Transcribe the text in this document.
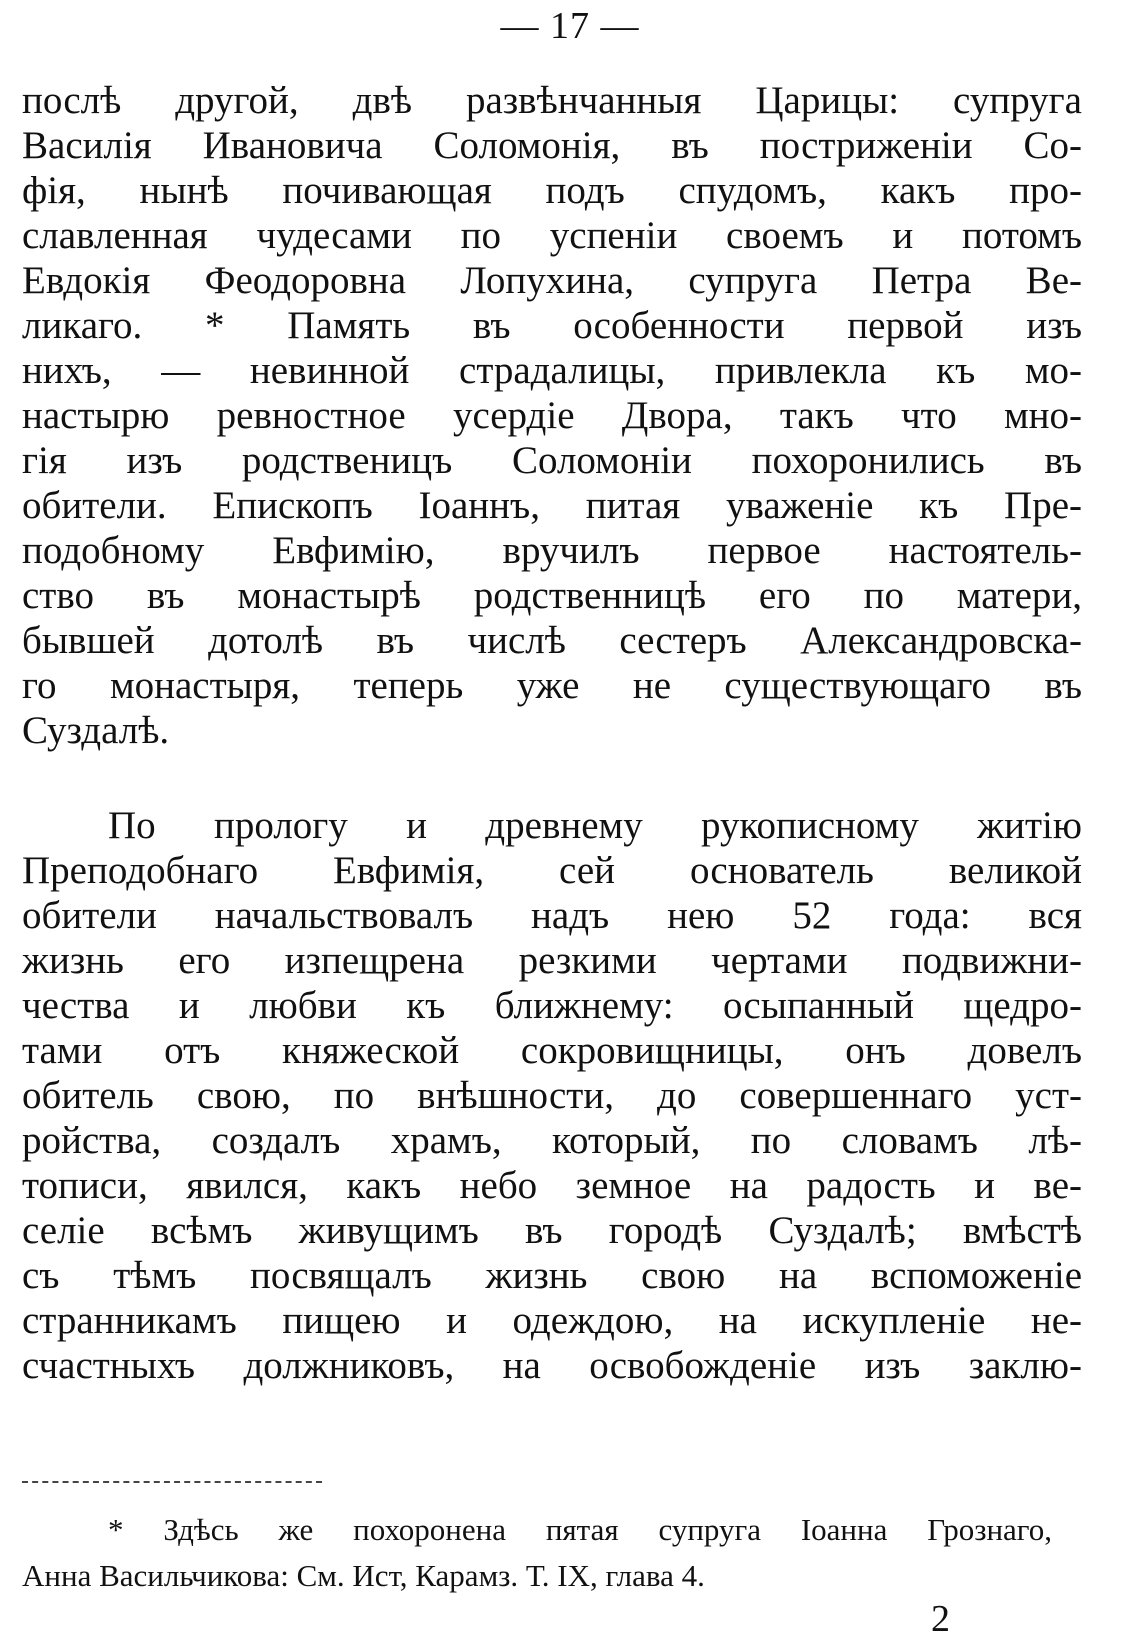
— 17 —
послѣ другой, двѣ развѣнчанныя Царицы: супруга
Василія Ивановича Соломонія, въ постриженіи Со-
фія, нынѣ почивающая подъ спудомъ, какъ про-
славленная чудесами по успеніи своемъ и потомъ
Евдокія Феодоровна Лопухина, супруга Петра Ве-
ликаго. * Память въ особенности первой изъ
нихъ, — невинной страдалицы, привлекла къ мо-
настырю ревностное усердіе Двора, такъ что мно-
гія изъ родственицъ Соломоніи похоронились въ
обители. Епископъ Іоаннъ, питая уваженіе къ Пре-
подобному Евфимію, вручилъ первое настоятель-
ство въ монастырѣ родственницѣ его по матери,
бывшей дотолѣ въ числѣ сестеръ Александровска-
го монастыря, теперь уже не существующаго въ
Суздалѣ.
По прологу и древнему рукописному житію
Преподобнаго Евфимія, сей основатель великой
обители начальствовалъ надъ нею 52 года: вся
жизнь его изпещрена резкими чертами подвижни-
чества и любви къ ближнему: осыпанный щедро-
тами отъ княжеской сокровищницы, онъ довелъ
обитель свою, по внѣшности, до совершеннаго уст-
ройства, создалъ храмъ, который, по словамъ лѣ-
тописи, явился, какъ небо земное на радость и ве-
селіе всѣмъ живущимъ въ городѣ Суздалѣ; вмѣстѣ
съ тѣмъ посвящалъ жизнь свою на вспоможеніе
странникамъ пищею и одеждою, на искупленіе не-
счастныхъ должниковъ, на освобожденіе изъ заклю-
* Здѣсь же похоронена пятая супруга Іоанна Грознаго,
Анна Васильчикова: См. Ист, Карамз. Т. IX, глава 4.
2
